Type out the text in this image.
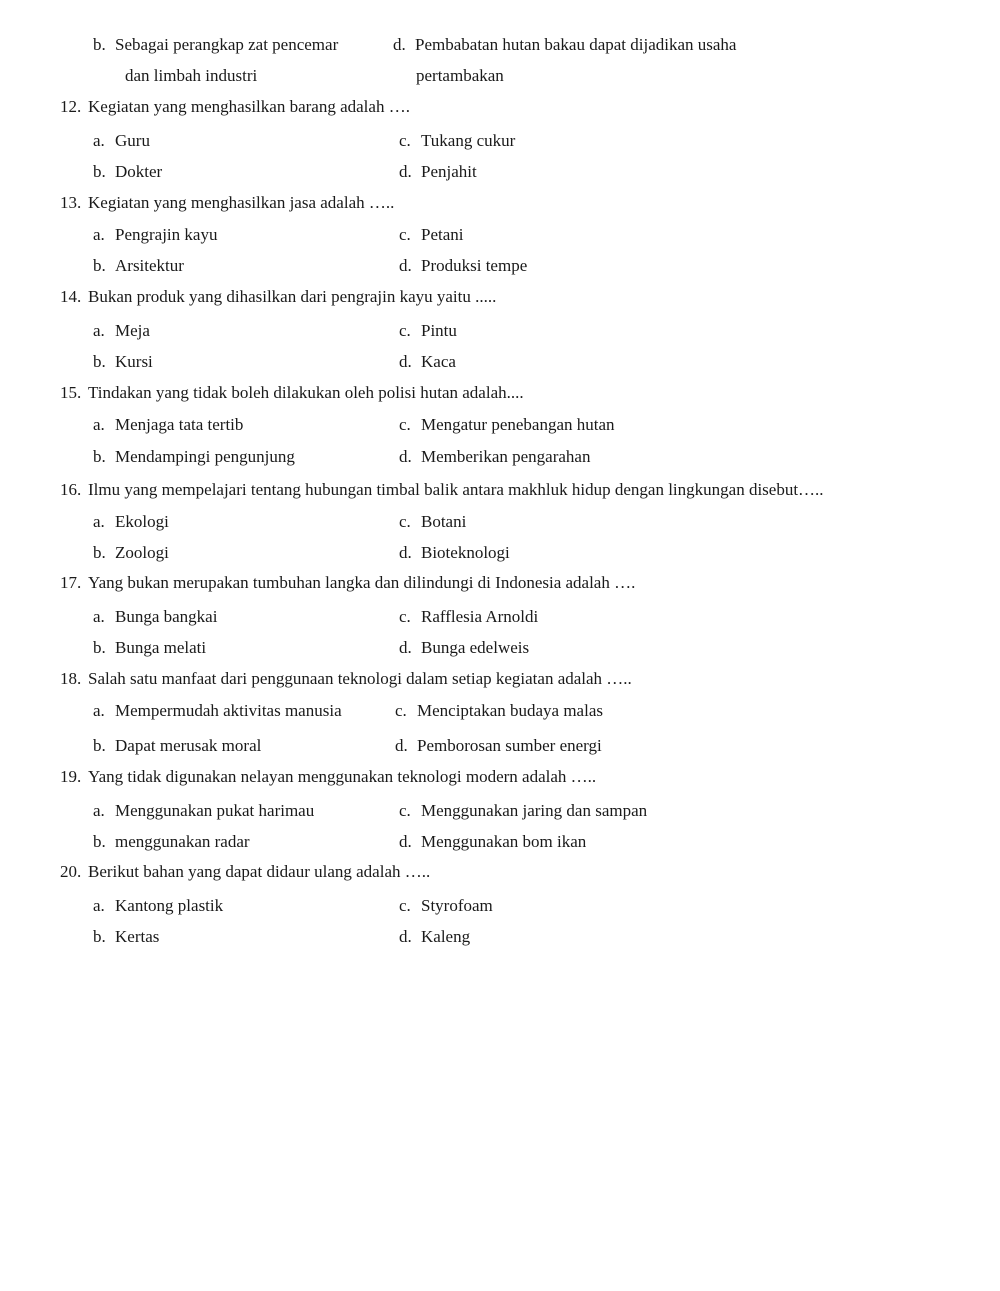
b. Sebagai perangkap zat pencemar
dan limbah industri
d. Pembabatan hutan bakau dapat dijadikan usaha
pertambakan
12. Kegiatan yang menghasilkan barang adalah ….
a. Guru
b. Dokter
c. Tukang cukur
d. Penjahit
13. Kegiatan yang menghasilkan jasa adalah …..
a. Pengrajin kayu
b. Arsitektur
c. Petani
d. Produksi tempe
14. Bukan produk yang dihasilkan dari pengrajin kayu yaitu .....
a. Meja
b. Kursi
c. Pintu
d. Kaca
15. Tindakan yang tidak boleh dilakukan oleh polisi hutan adalah....
a. Menjaga tata tertib
b. Mendampingi pengunjung
c. Mengatur penebangan hutan
d. Memberikan pengarahan
16. Ilmu yang mempelajari tentang hubungan timbal balik antara makhluk hidup dengan lingkungan disebut…..
a. Ekologi
b. Zoologi
c. Botani
d. Bioteknologi
17. Yang bukan merupakan tumbuhan langka dan dilindungi di Indonesia adalah ….
a. Bunga bangkai
b. Bunga melati
c. Rafflesia Arnoldi
d. Bunga edelweis
18. Salah satu manfaat dari penggunaan teknologi dalam setiap kegiatan adalah …..
a. Mempermudah aktivitas manusia
b. Dapat merusak moral
c. Menciptakan budaya malas
d. Pemborosan sumber energi
19. Yang tidak digunakan nelayan menggunakan teknologi modern adalah …..
a. Menggunakan pukat harimau
b. menggunakan radar
c. Menggunakan jaring dan sampan
d. Menggunakan bom ikan
20. Berikut bahan yang dapat didaur ulang adalah …..
a. Kantong plastik
b. Kertas
c. Styrofoam
d. Kaleng
